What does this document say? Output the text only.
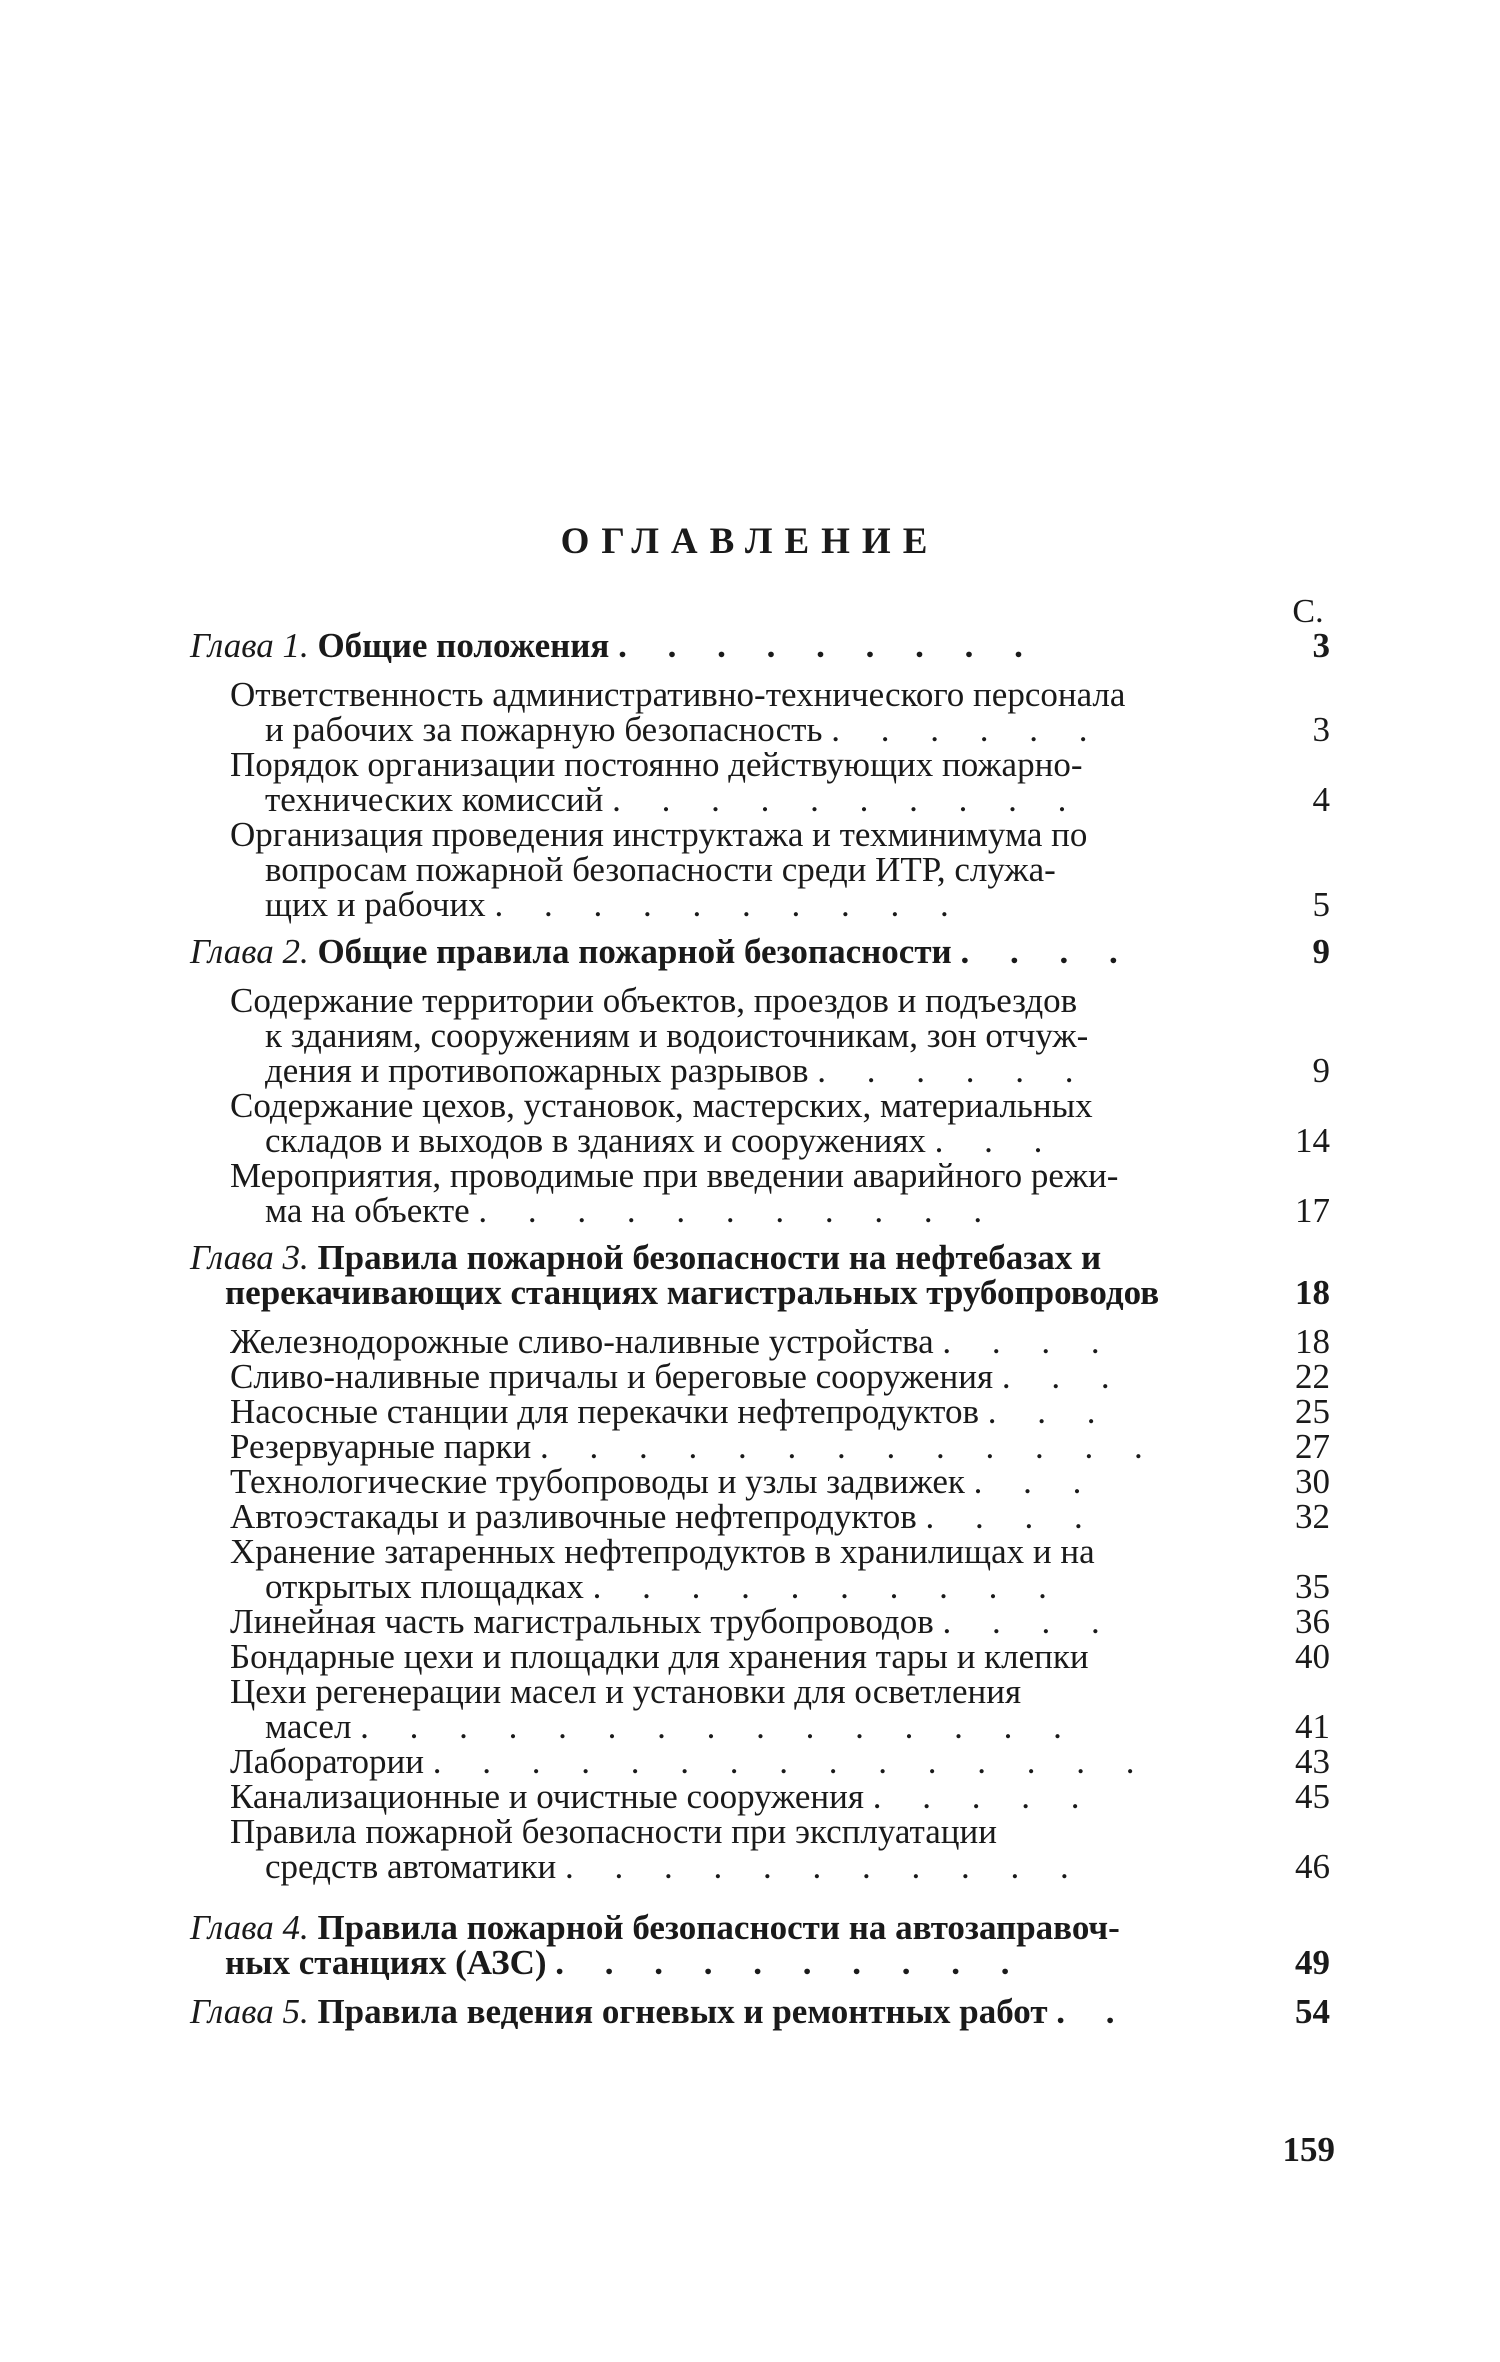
ОГЛАВЛЕНИЕ
С.
Глава 1. Общие положения . . . . . . . . .	3
Ответственность административно-технического персонала
и рабочих за пожарную безопасность . . . . . .	3
Порядок организации постоянно действующих пожарно-
технических комиссий . . . . . . . . . .	4
Организация проведения инструктажа и техминимума по
вопросам пожарной безопасности среди ИТР, служа-
щих и рабочих . . . . . . . . . .	5
Глава 2. Общие правила пожарной безопасности . . . .	9
Содержание территории объектов, проездов и подъездов
к зданиям, сооружениям и водоисточникам, зон отчуж-
дения и противопожарных разрывов . . . . . .	9
Содержание цехов, установок, мастерских, материальных
складов и выходов в зданиях и сооружениях . . .	14
Мероприятия, проводимые при введении аварийного режи-
ма на объекте . . . . . . . . . . .	17
Глава 3. Правила пожарной безопасности на нефтебазах и
перекачивающих станциях магистральных трубопроводов	18
Железнодорожные сливо-наливные устройства . . . .	18
Сливо-наливные причалы и береговые сооружения . . .	22
Насосные станции для перекачки нефтепродуктов . . .	25
Резервуарные парки . . . . . . . . . . . . .	27
Технологические трубопроводы и узлы задвижек . . .	30
Автоэстакады и разливочные нефтепродуктов . . . .	32
Хранение затаренных нефтепродуктов в хранилищах и на
открытых площадках . . . . . . . . . .	35
Линейная часть магистральных трубопроводов . . . .	36
Бондарные цехи и площадки для хранения тары и клепки	40
Цехи регенерации масел и установки для осветления
масел . . . . . . . . . . . . . . .	41
Лаборатории . . . . . . . . . . . . . . .	43
Канализационные и очистные сооружения . . . . .	45
Правила пожарной безопасности при эксплуатации
средств автоматики . . . . . . . . . . .	46
Глава 4. Правила пожарной безопасности на автозаправоч-
ных станциях (АЗС) . . . . . . . . . .	49
Глава 5. Правила ведения огневых и ремонтных работ . .	54
159
